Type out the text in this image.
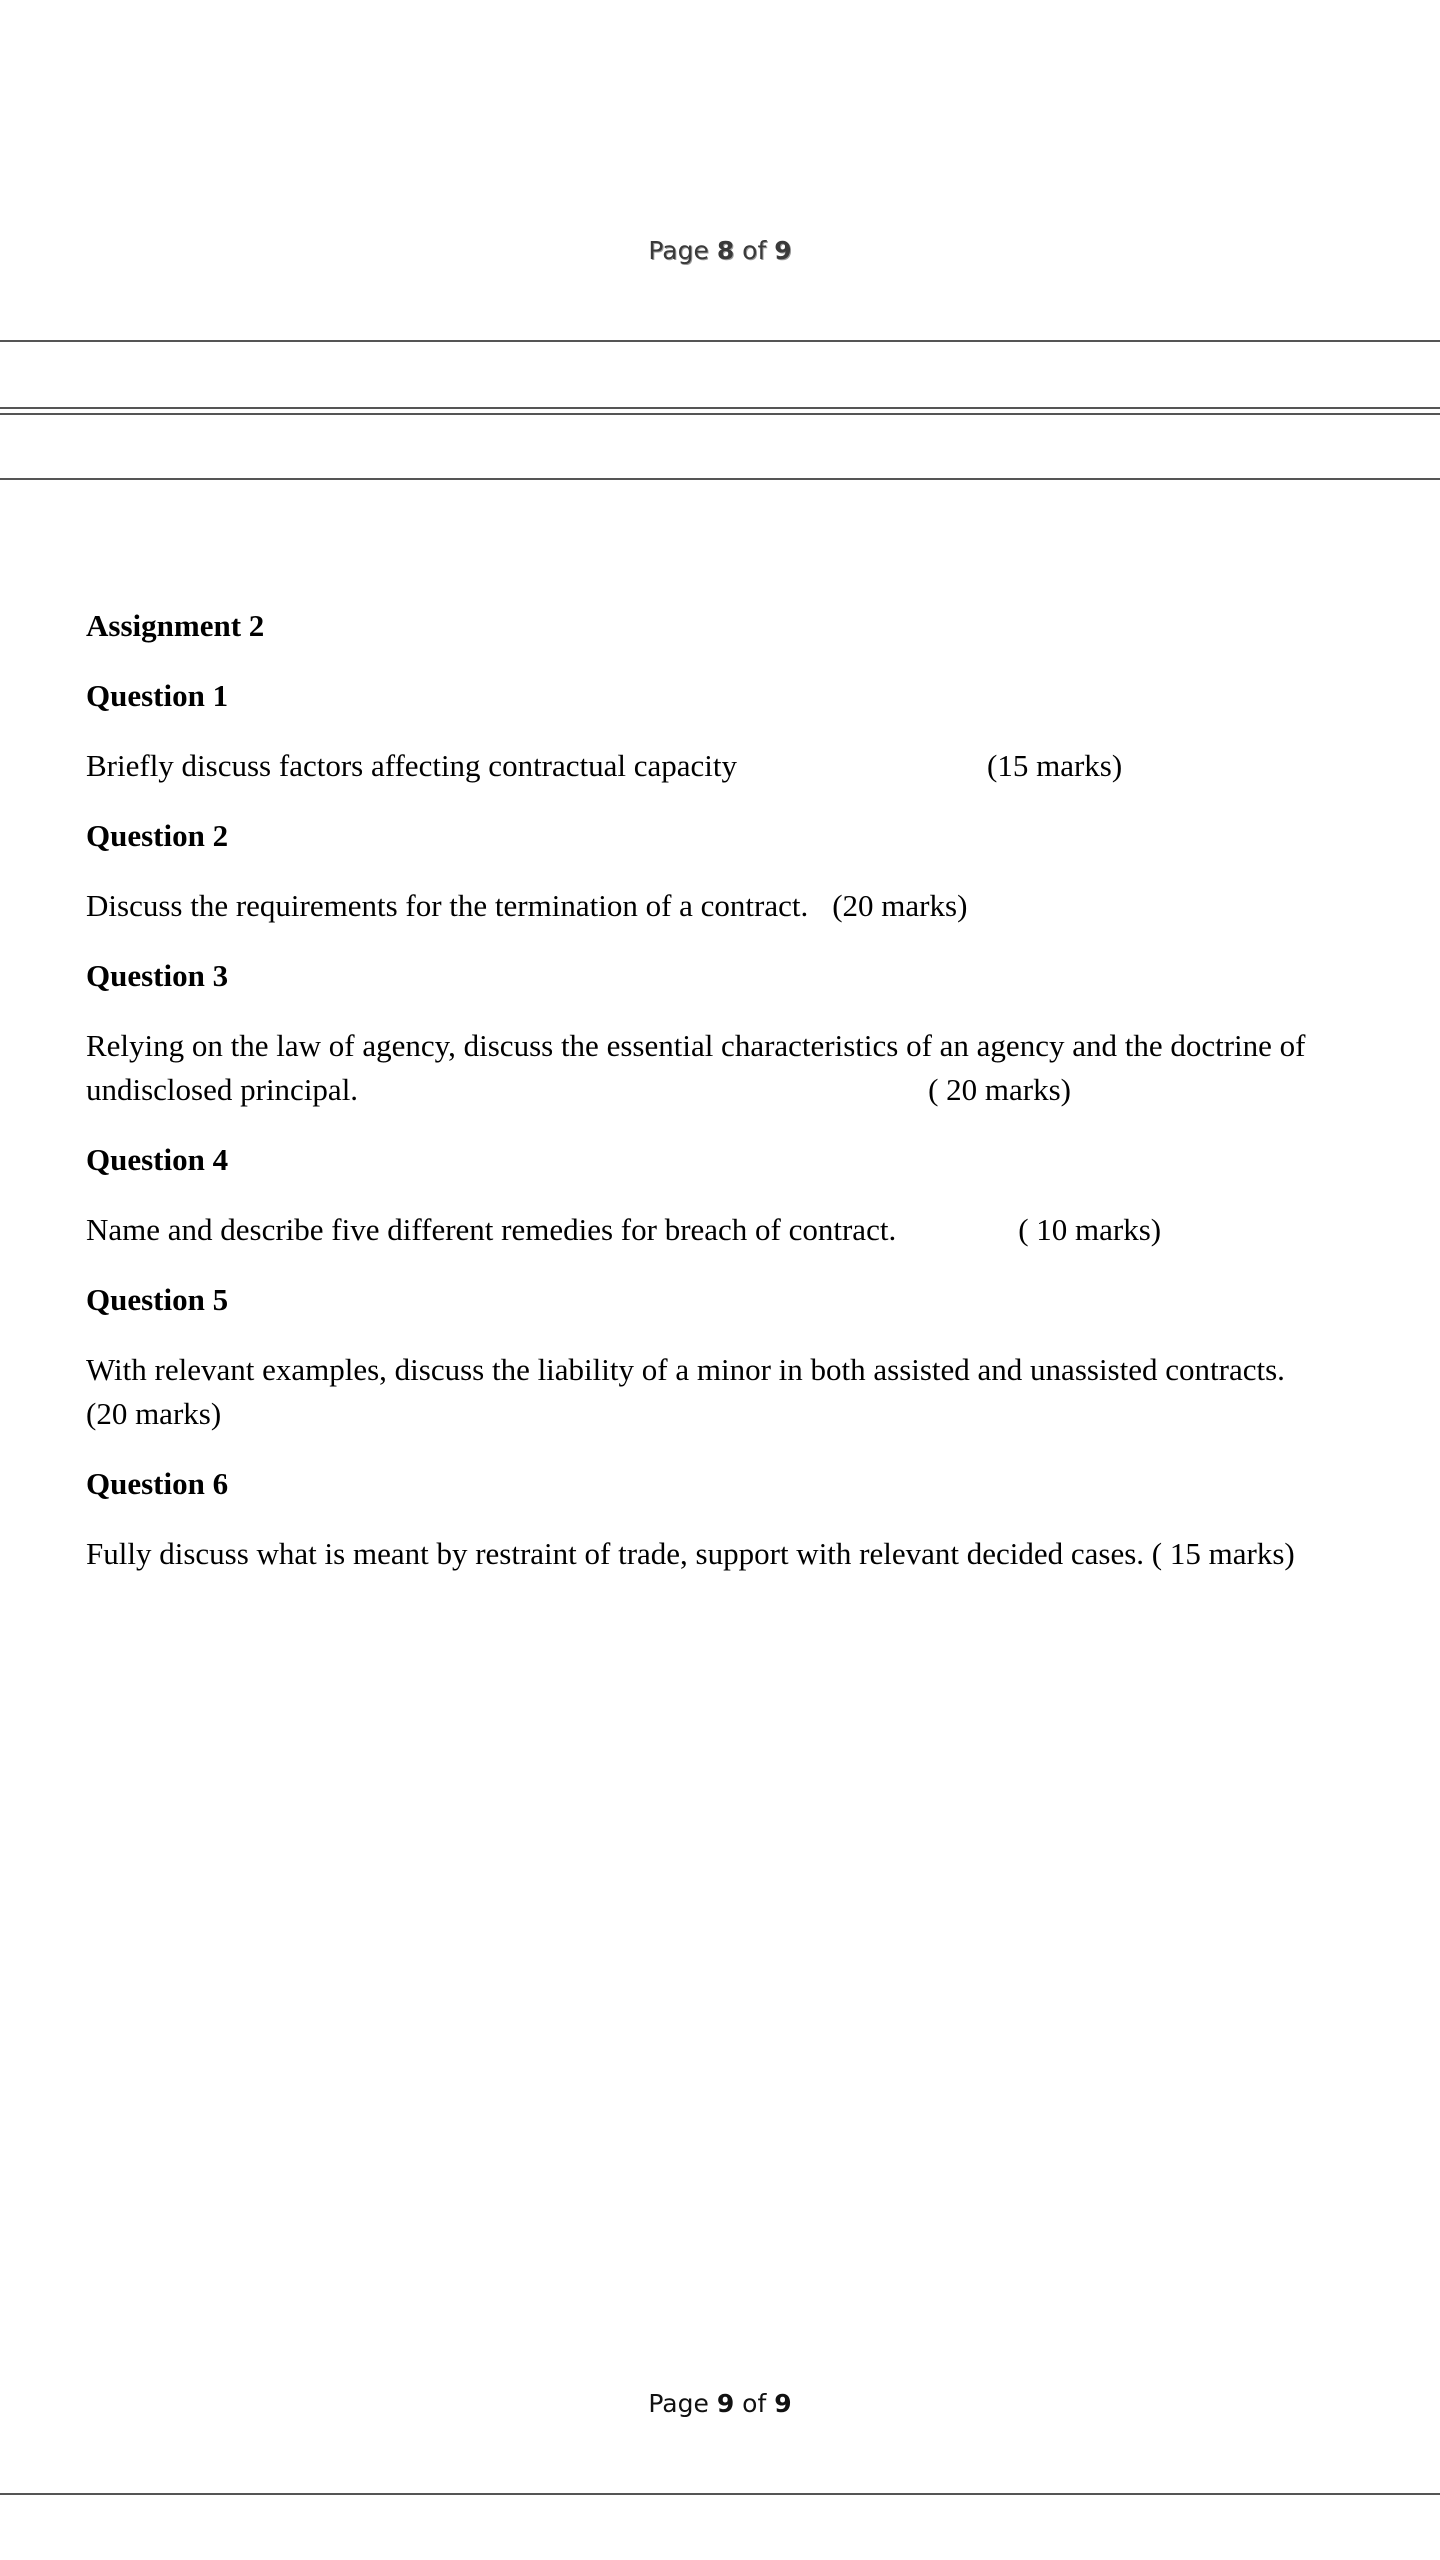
Page 8 of 9
Assignment 2
Question 1
Briefly discuss factors affecting contractual capacity	(15 marks)
Question 2
Discuss the requirements for the termination of a contract. (20 marks)
Question 3
Relying on the law of agency, discuss the essential characteristics of an agency and the doctrine of undisclosed principal.	( 20 marks)
Question 4
Name and describe five different remedies for breach of contract.	( 10 marks)
Question 5
With relevant examples, discuss the liability of a minor in both assisted and unassisted contracts.
(20 marks)
Question 6
Fully discuss what is meant by restraint of trade, support with relevant decided cases. ( 15 marks)
Page 9 of 9
